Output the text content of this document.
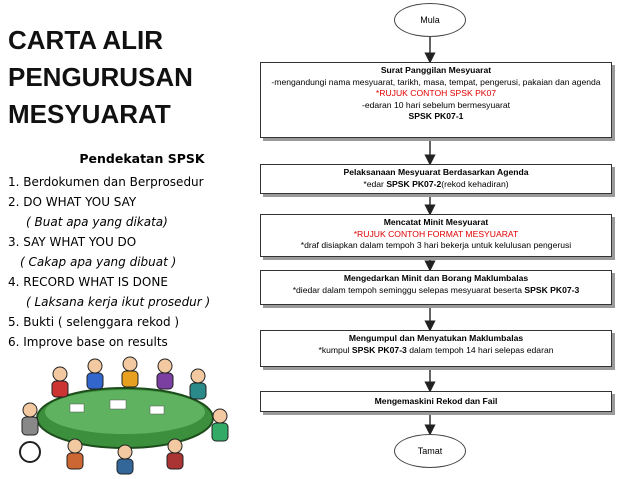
CARTA ALIR
PENGURUSAN
MESYUARAT
Pendekatan SPSK
1. Berdokumen dan Berprosedur
2. DO WHAT YOU SAY
( Buat apa yang dikata)
3. SAY WHAT YOU DO
( Cakap apa yang dibuat )
4. RECORD WHAT IS DONE
( Laksana kerja ikut prosedur )
5. Bukti ( selenggara rekod )
6. Improve base on results
Mula
Surat Panggilan Mesyuarat
-mengandungi nama mesyuarat, tarikh, masa, tempat, pengerusi, pakaian dan agenda
*RUJUK CONTOH SPSK PK07
-edaran 10 hari sebelum bermesyuarat
SPSK PK07-1
Pelaksanaan Mesyuarat Berdasarkan Agenda
*edar SPSK PK07-2(rekod kehadiran)
Mencatat Minit Mesyuarat
*RUJUK CONTOH FORMAT MESYUARAT
*draf disiapkan dalam tempoh 3 hari bekerja untuk kelulusan pengerusi
Mengedarkan Minit dan Borang Maklumbalas
*diedar dalam tempoh seminggu selepas mesyuarat beserta SPSK PK07-3
Mengumpul dan Menyatukan Maklumbalas
*kumpul SPSK PK07-3 dalam tempoh 14 hari selepas edaran
Mengemaskini Rekod dan Fail
Tamat
